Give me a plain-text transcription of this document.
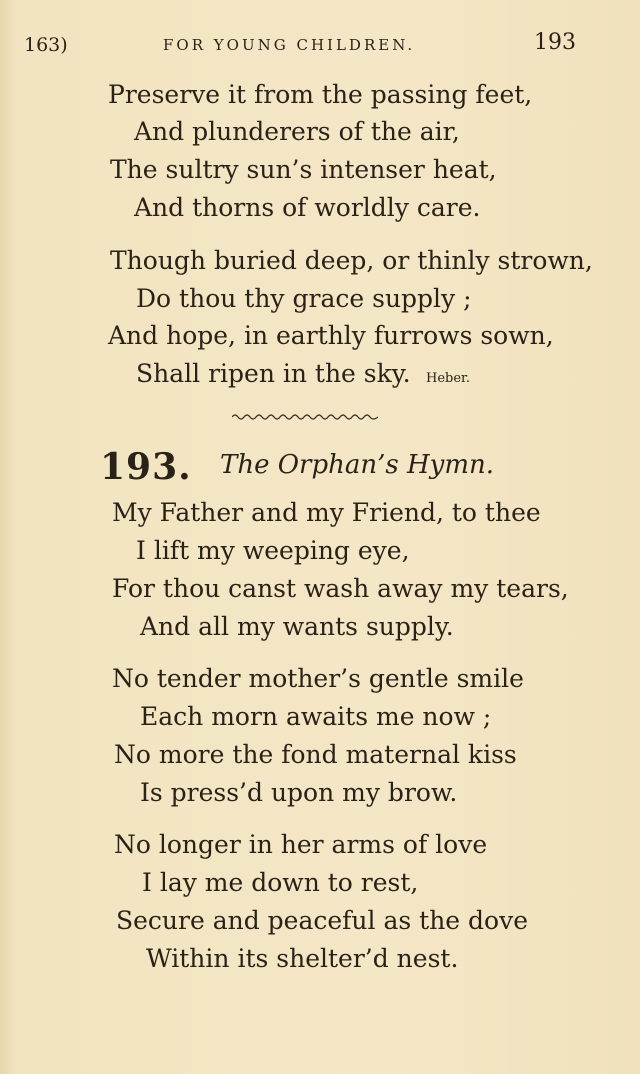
163)	FOR YOUNG CHILDREN.	193
Preserve it from the passing feet,
And plunderers of the air,
The sultry sun’s intenser heat,
And thorns of worldly care.
Though buried deep, or thinly strown,
Do thou thy grace supply ;
And hope, in earthly furrows sown,
Shall ripen in the sky. Heber.
193. The Orphan’s Hymn.
My Father and my Friend, to thee
I lift my weeping eye,
For thou canst wash away my tears,
And all my wants supply.
No tender mother’s gentle smile
Each morn awaits me now ;
No more the fond maternal kiss
Is press’d upon my brow.
No longer in her arms of love
I lay me down to rest,
Secure and peaceful as the dove
Within its shelter’d nest.
